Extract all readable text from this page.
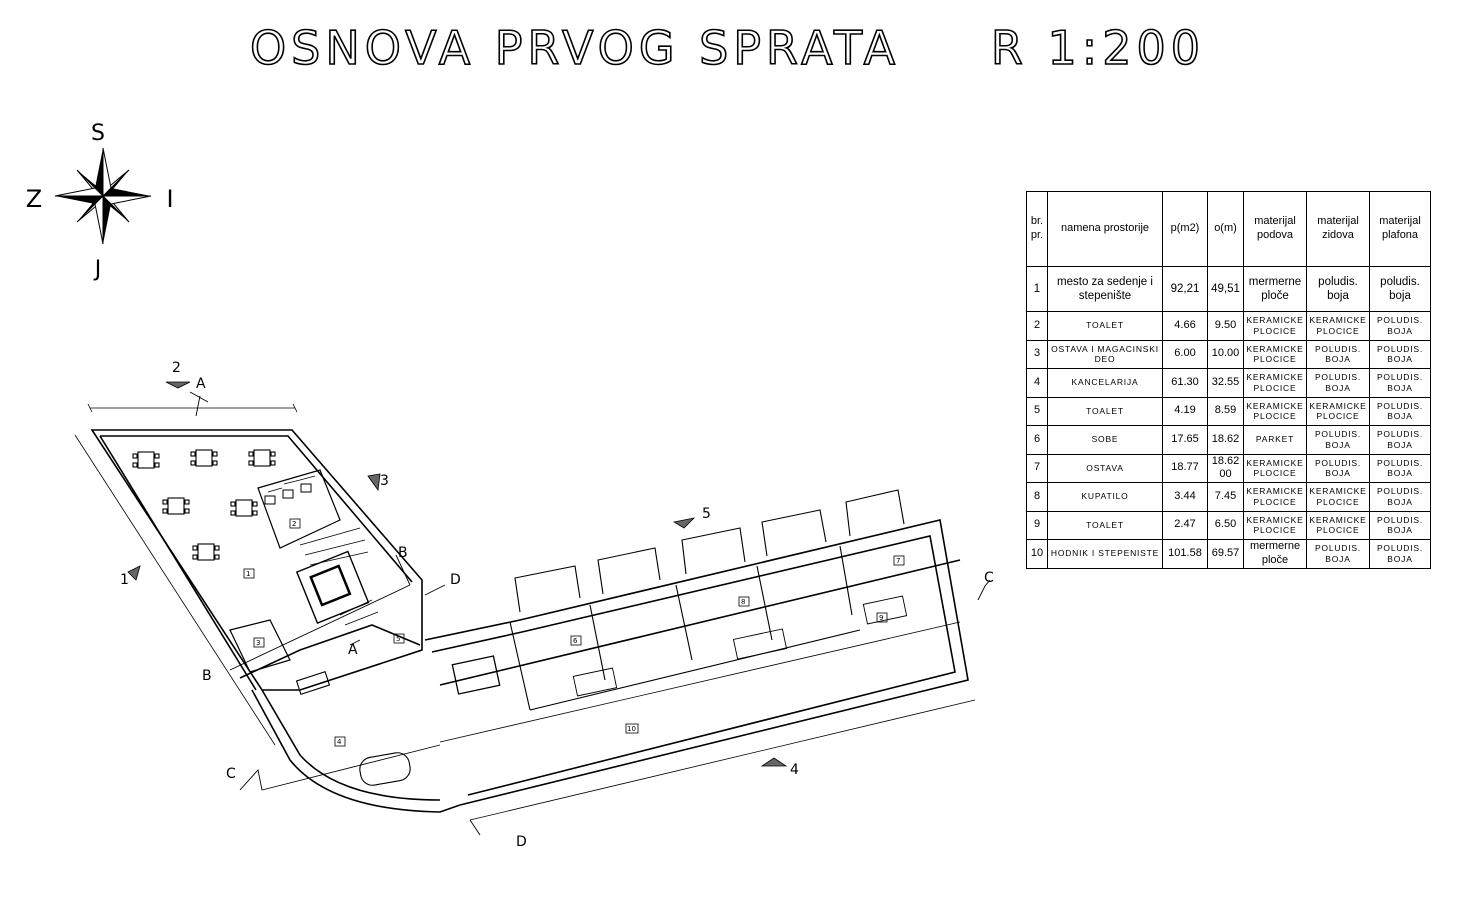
OSNOVA PRVOG SPRATA R 1:200
S
J
Z	I
br. pr.	namena prostorije	p(m2)	o(m)	materijal podova	materijal zidova	materijal plafona
1	mesto za sedenje i stepenište	92,21	49,51	mermerne ploče	poludis. boja	poludis. boja
2	TOALET	4.66	9.50	KERAMICKE PLOCICE	KERAMICKE PLOCICE	POLUDIS. BOJA
3	OSTAVA I MAGACINSKI DEO	6.00	10.00	KERAMICKE PLOCICE	POLUDIS. BOJA	POLUDIS. BOJA
4	KANCELARIJA	61.30	32.55	KERAMICKE PLOCICE	POLUDIS. BOJA	POLUDIS. BOJA
5	TOALET	4.19	8.59	KERAMICKE PLOCICE	KERAMICKE PLOCICE	POLUDIS. BOJA
6	SOBE	17.65	18.62	PARKET	POLUDIS. BOJA	POLUDIS. BOJA
7	OSTAVA	18.77	18.62 00	KERAMICKE PLOCICE	POLUDIS. BOJA	POLUDIS. BOJA
8	KUPATILO	3.44	7.45	KERAMICKE PLOCICE	KERAMICKE PLOCICE	POLUDIS. BOJA
9	TOALET	2.47	6.50	KERAMICKE PLOCICE	KERAMICKE PLOCICE	POLUDIS. BOJA
10	HODNIK I STEPENISTE	101.58	69.57	mermerne ploče	POLUDIS. BOJA	POLUDIS. BOJA
2
A
3
1
B
D
A
B
C
5
C
4
D
1
2
3
4
5	6
7
8
9
10
